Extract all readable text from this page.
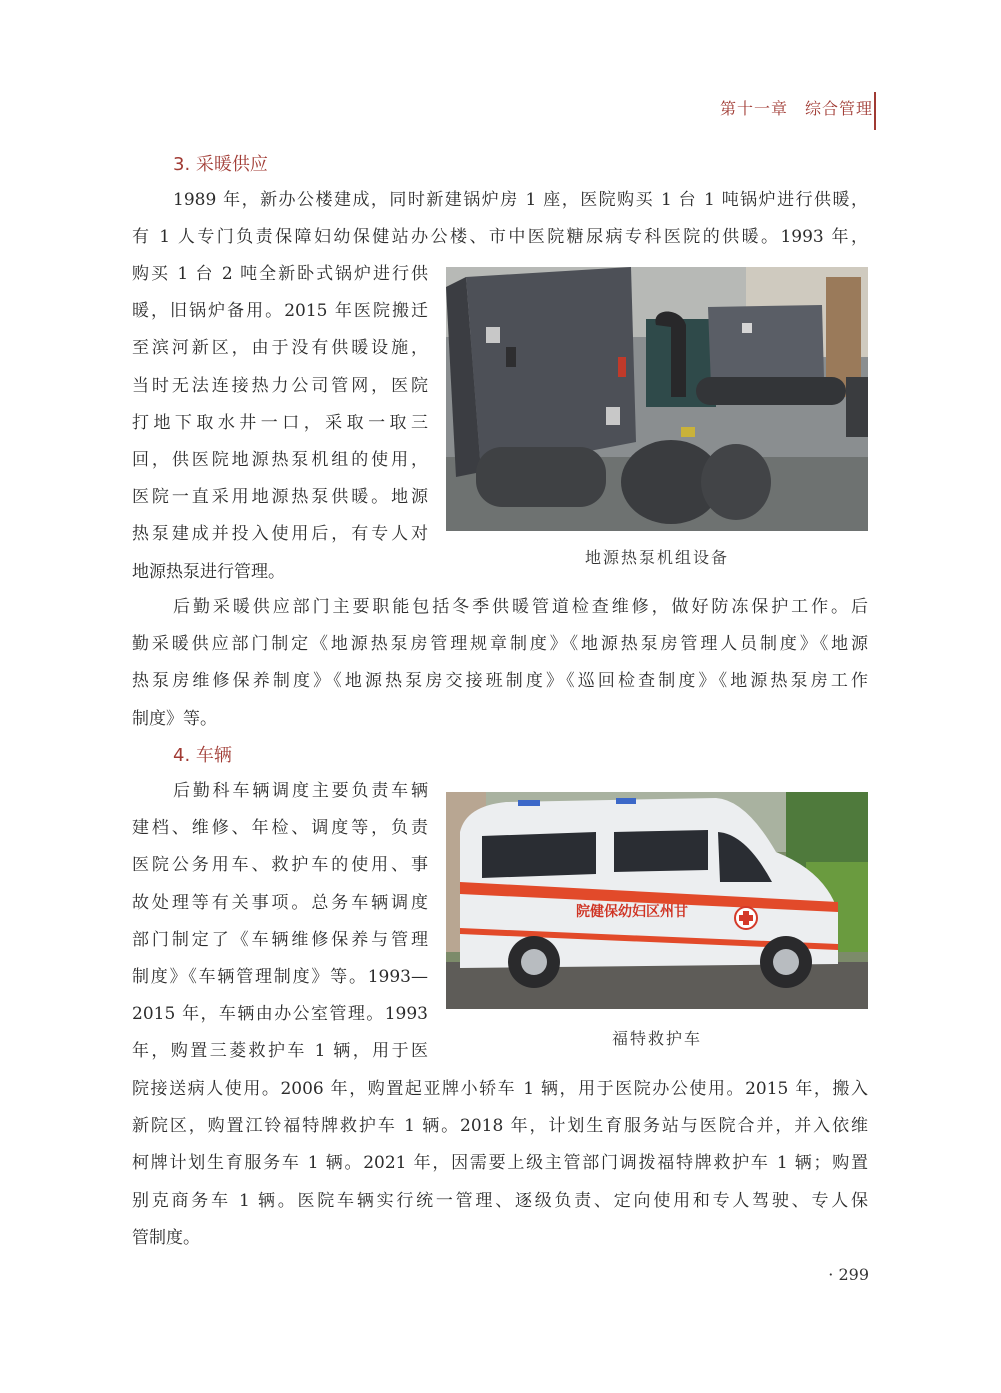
第十一章　综合管理
3. 采暖供应

1989 年，新办公楼建成，同时新建锅炉房 1 座，医院购买 1 台 1 吨锅炉进行供暖，
有 1 人专门负责保障妇幼保健站办公楼、市中医院糖尿病专科医院的供暖。1993 年，

购买 1 台 2 吨全新卧式锅炉进行供
暖，旧锅炉备用。2015 年医院搬迁
至滨河新区，由于没有供暖设施，
当时无法连接热力公司管网，医院
打地下取水井一口，采取一取三
回，供医院地源热泵机组的使用，
医院一直采用地源热泵供暖。地源
热泵建成并投入使用后，有专人对
地源热泵进行管理。

地源热泵机组设备

后勤采暖供应部门主要职能包括冬季供暖管道检查维修，做好防冻保护工作。后
勤采暖供应部门制定《地源热泵房管理规章制度》《地源热泵房管理人员制度》《地源
热泵房维修保养制度》《地源热泵房交接班制度》《巡回检查制度》《地源热泵房工作
制度》等。

4. 车辆

后勤科车辆调度主要负责车辆
建档、维修、年检、调度等，负责
医院公务用车、救护车的使用、事
故处理等有关事项。总务车辆调度
部门制定了《车辆维修保养与管理
制度》《车辆管理制度》等。1993—
2015 年，车辆由办公室管理。1993
年，购置三菱救护车 1 辆，用于医

院健保幼妇区州甘
福特救护车

院接送病人使用。2006 年，购置起亚牌小轿车 1 辆，用于医院办公使用。2015 年，搬入
新院区，购置江铃福特牌救护车 1 辆。2018 年，计划生育服务站与医院合并，并入依维
柯牌计划生育服务车 1 辆。2021 年，因需要上级主管部门调拨福特牌救护车 1 辆；购置
别克商务车 1 辆。医院车辆实行统一管理、逐级负责、定向使用和专人驾驶、专人保
管制度。

· 299
